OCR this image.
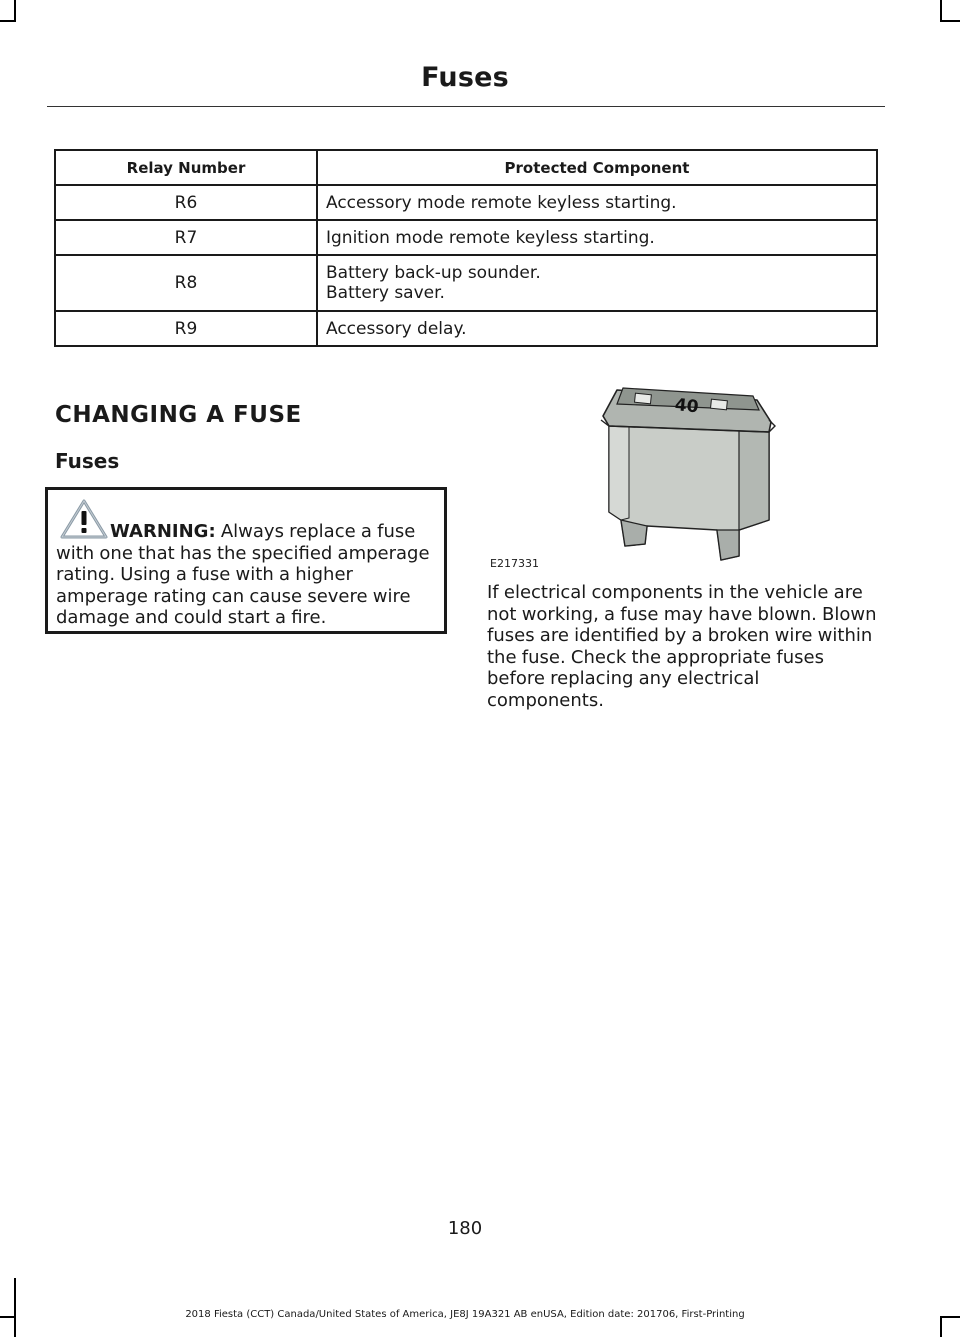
Fuses
Relay Number	Protected Component
R6	Accessory mode remote keyless starting.

R7	Ignition mode remote keyless starting.

R8	Battery back-up sounder.
Battery saver.

R9	Accessory delay.
CHANGING A FUSE
Fuses

WARNING: Always replace a fuse with one that has the specified amperage rating. Using a fuse with a higher amperage rating can cause severe wire damage and could start a fire.

40
E217331

If electrical components in the vehicle are not working, a fuse may have blown. Blown fuses are identified by a broken wire within the fuse. Check the appropriate fuses before replacing any electrical components.

180
2018 Fiesta (CCT) Canada/United States of America, JE8J 19A321 AB enUSA, Edition date: 201706, First-Printing
